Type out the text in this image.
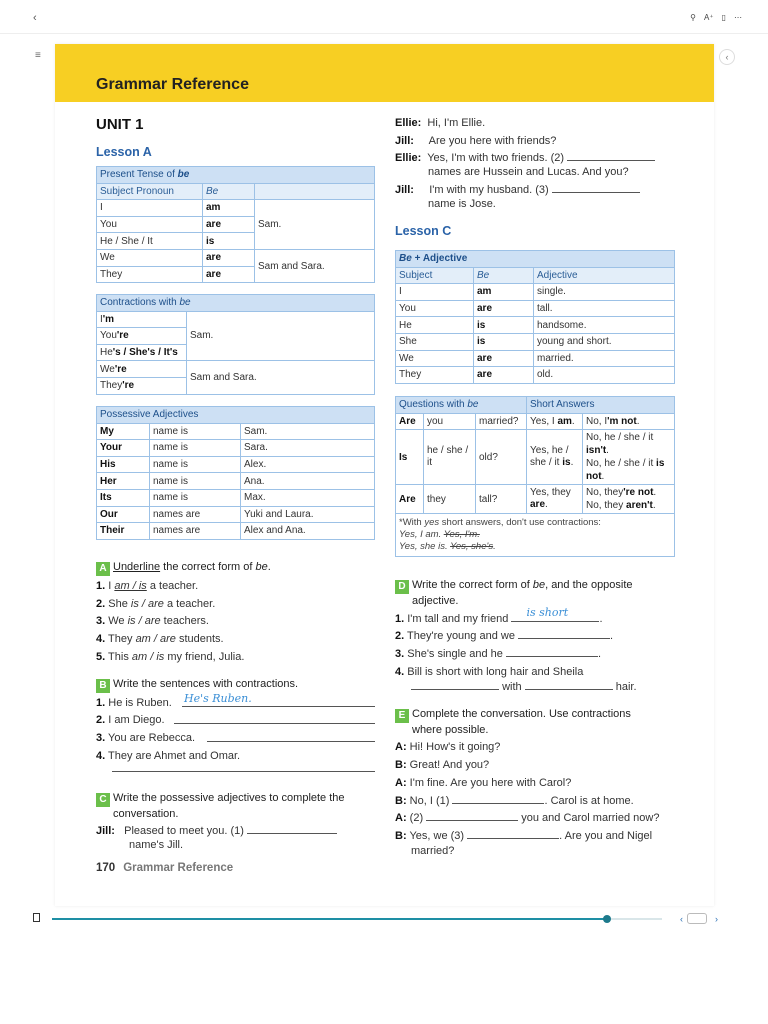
‹	⚲ A⁺ ▯ ⋯
≡	‹
Grammar Reference
UNIT 1
Lesson A
Present Tense of be		
Subject Pronoun	Be	
I	am	Sam.
You	are	
He / She / It	is	
We	are	Sam and Sara.
They	are	
Contractions with be	
I'm	Sam.
You're	
He's / She's / It's	
We're	Sam and Sara.
They're	
Possessive Adjectives		
My	name is	Sam.
Your	name is	Sara.
His	name is	Alex.
Her	name is	Ana.
Its	name is	Max.
Our	names are	Yuki and Laura.
Their	names are	Alex and Ana.
A Underline the correct form of be.
1. I am / is a teacher.
2. She is / are a teacher.
3. We is / are teachers.
4. They am / are students.
5. This am / is my friend, Julia.
B Write the sentences with contractions.
1. He is Ruben. He's Ruben.
2. I am Diego.
3. You are Rebecca.
4. They are Ahmet and Omar.
C Write the possessive adjectives to complete the
conversation.
Jill: Pleased to meet you. (1)
name's Jill.
170 Grammar Reference
Ellie: Hi, I'm Ellie.
Jill: Are you here with friends?
Ellie: Yes, I'm with two friends. (2)
names are Hussein and Lucas. And you?
Jill: I'm with my husband. (3)
name is Jose.
Lesson C
Be + Adjective		
Subject	Be	Adjective
I	am	single.
You	are	tall.
He	is	handsome.
She	is	young and short.
We	are	married.
They	are	old.
Questions with be			Short Answers	
Are	you	married?	Yes, I am.	No, I'm not.
Is	he / she / it	old?	Yes, he / she / it is.	No, he / she / it isn't.
No, he / she / it is not.
Are	they	tall?	Yes, they are.	No, they're not.
No, they aren't.
*With yes short answers, don't use contractions:
Yes, I am. Yes, I'm.
Yes, she is. Yes, she's.				
D Write the correct form of be, and the opposite
adjective.
1. I'm tall and my friend is short	.
2. They're young and we	.
3. She's single and he	.
4. Bill is short with long hair and Sheila
with	hair.
E Complete the conversation. Use contractions
where possible.
A: Hi! How's it going?
B: Great! And you?
A: I'm fine. Are you here with Carol?
B: No, I (1)	. Carol is at home.
A: (2)	you and Carol married now?
B: Yes, we (3)	. Are you and Nigel
married?
‹	›
